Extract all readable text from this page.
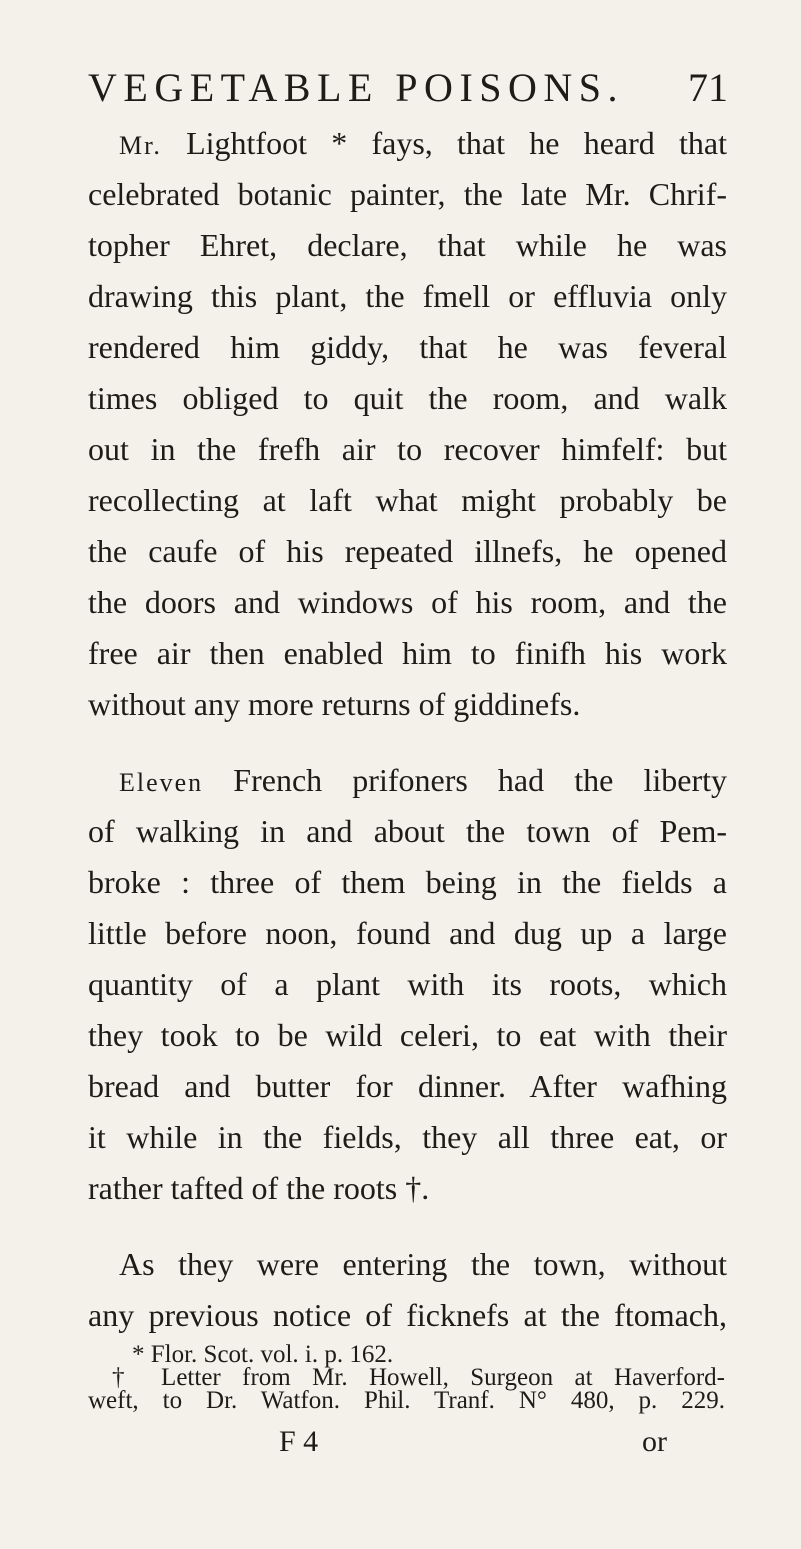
VEGETABLE POISONS. 71
Mr. Lightfoot * fays, that he heard that
celebrated botanic painter, the late Mr. Chrif-
topher Ehret, declare, that while he was
drawing this plant, the fmell or effluvia only
rendered him giddy, that he was feveral
times obliged to quit the room, and walk
out in the frefh air to recover himfelf: but
recollecting at laft what might probably be
the caufe of his repeated illnefs, he opened
the doors and windows of his room, and the
free air then enabled him to finifh his work
without any more returns of giddinefs.
Eleven French prifoners had the liberty
of walking in and about the town of Pem-
broke : three of them being in the fields a
little before noon, found and dug up a large
quantity of a plant with its roots, which
they took to be wild celeri, to eat with their
bread and butter for dinner. After wafhing
it while in the fields, they all three eat, or
rather tafted of the roots †.
As they were entering the town, without
any previous notice of ficknefs at the ftomach,
* Flor. Scot. vol. i. p. 162.
† Letter from Mr. Howell, Surgeon at Haverford-
weft, to Dr. Watfon. Phil. Tranf. N° 480, p. 229.
F 4	or
